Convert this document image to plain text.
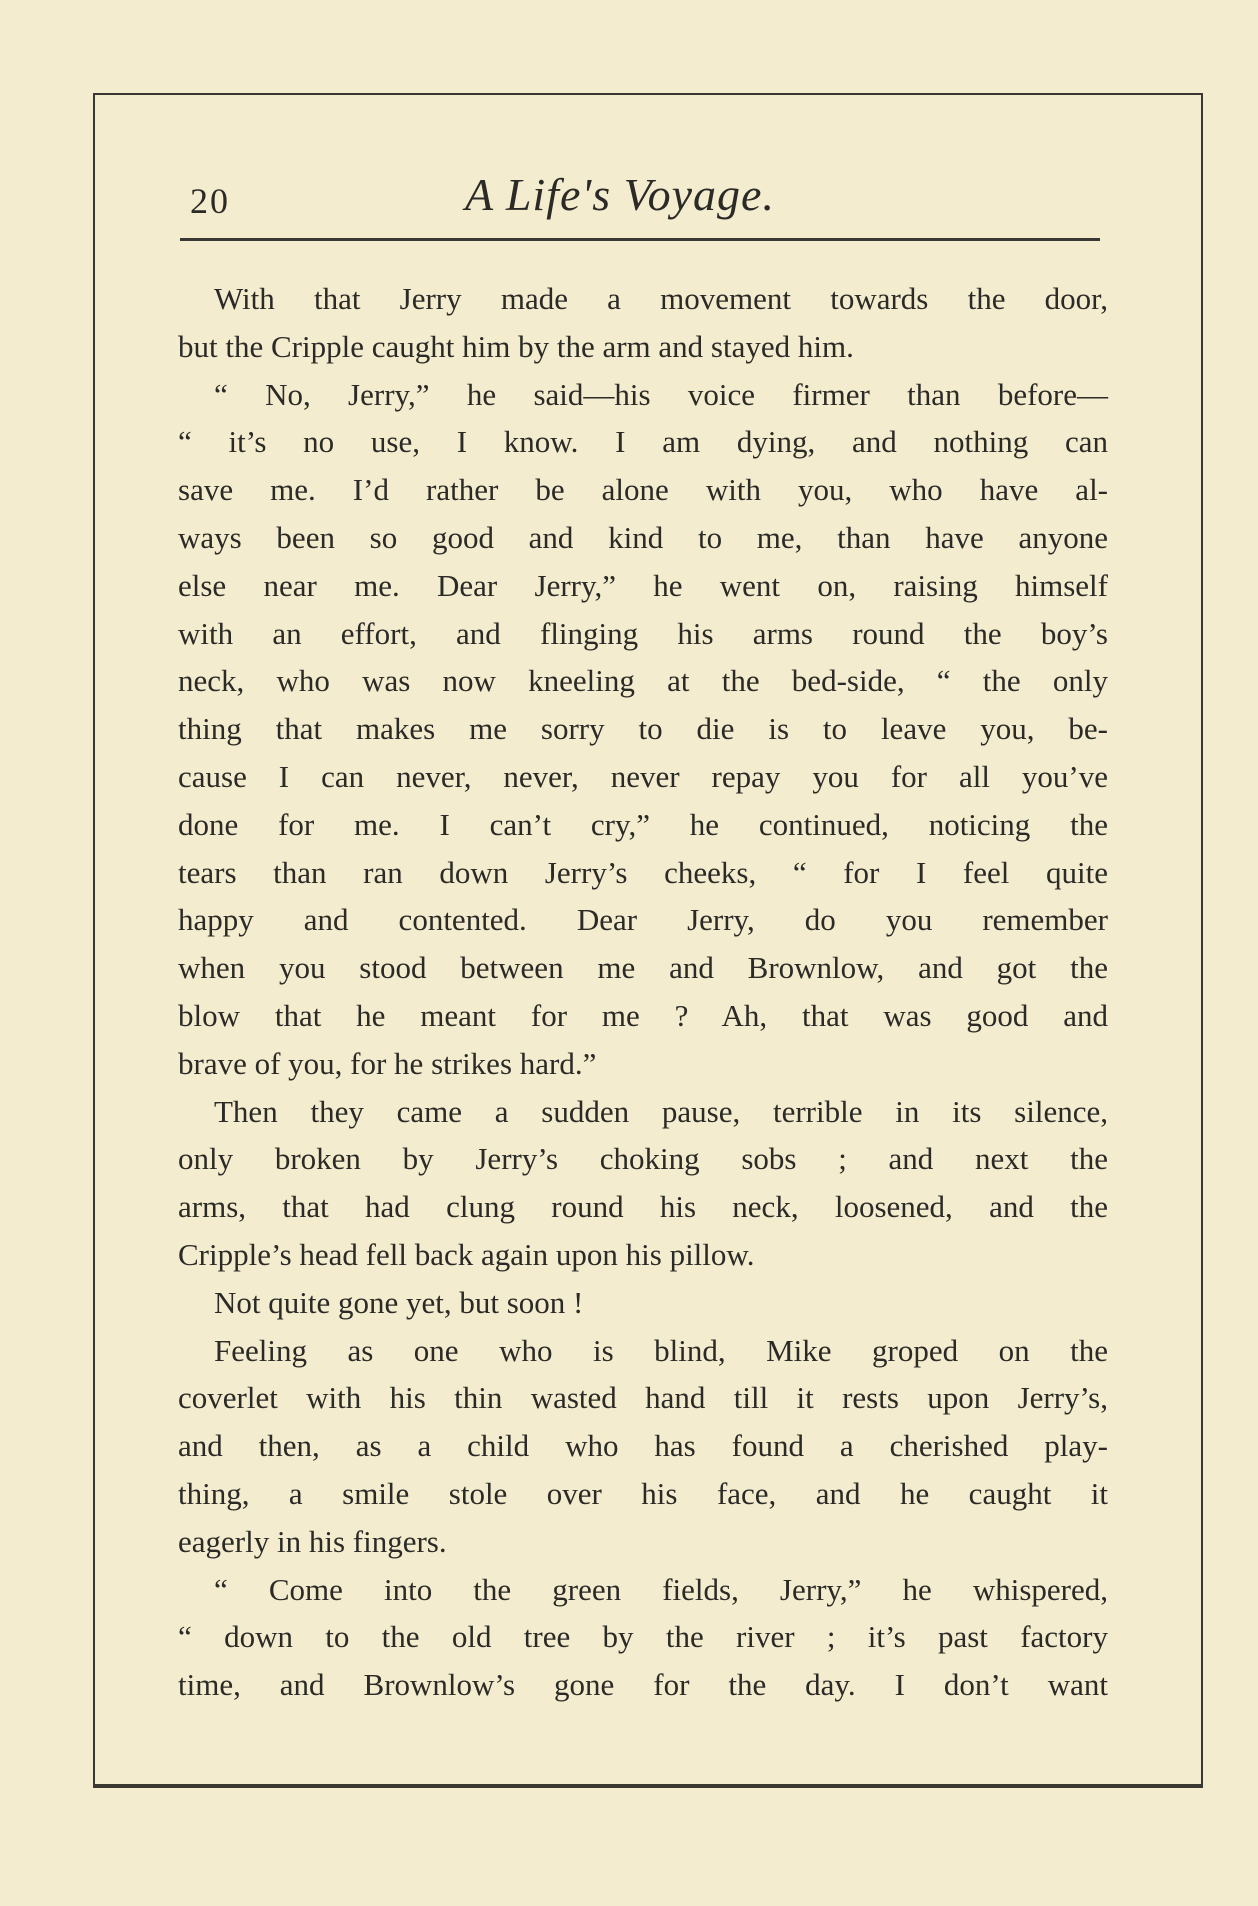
20	A Life's Voyage.
With that Jerry made a movement towards the door,
but the Cripple caught him by the arm and stayed him.
“ No, Jerry,” he said—his voice firmer than before—
“ it’s no use, I know. I am dying, and nothing can
save me. I’d rather be alone with you, who have al-
ways been so good and kind to me, than have anyone
else near me. Dear Jerry,” he went on, raising himself
with an effort, and flinging his arms round the boy’s
neck, who was now kneeling at the bed-side, “ the only
thing that makes me sorry to die is to leave you, be-
cause I can never, never, never repay you for all you’ve
done for me. I can’t cry,” he continued, noticing the
tears than ran down Jerry’s cheeks, “ for I feel quite
happy and contented. Dear Jerry, do you remember
when you stood between me and Brownlow, and got the
blow that he meant for me ? Ah, that was good and
brave of you, for he strikes hard.”
Then they came a sudden pause, terrible in its silence,
only broken by Jerry’s choking sobs ; and next the
arms, that had clung round his neck, loosened, and the
Cripple’s head fell back again upon his pillow.
Not quite gone yet, but soon !
Feeling as one who is blind, Mike groped on the
coverlet with his thin wasted hand till it rests upon Jerry’s,
and then, as a child who has found a cherished play-
thing, a smile stole over his face, and he caught it
eagerly in his fingers.
“ Come into the green fields, Jerry,” he whispered,
“ down to the old tree by the river ; it’s past factory
time, and Brownlow’s gone for the day. I don’t want
